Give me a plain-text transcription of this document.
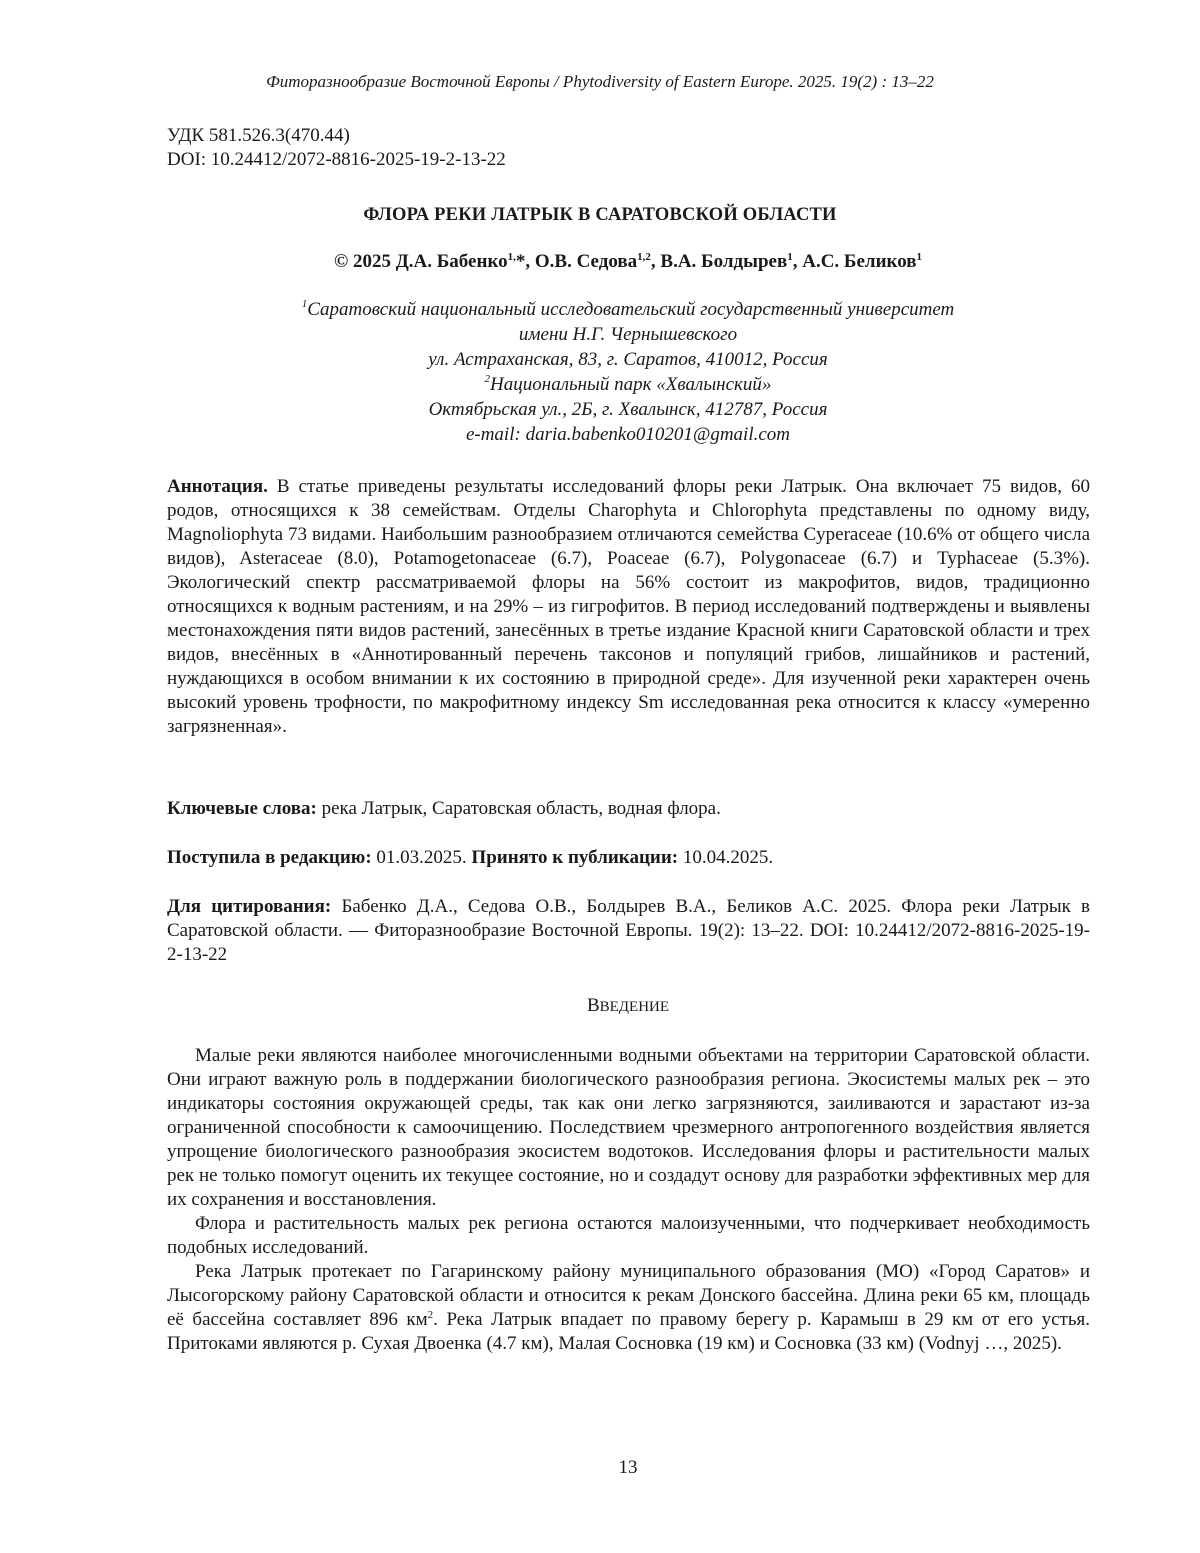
Фиторазнообразие Восточной Европы / Phytodiversity of Eastern Europe. 2025. 19(2) : 13–22
УДК 581.526.3(470.44)
DOI: 10.24412/2072-8816-2025-19-2-13-22
ФЛОРА РЕКИ ЛАТРЫК В САРАТОВСКОЙ ОБЛАСТИ
© 2025 Д.А. Бабенко1,*, О.В. Седова1,2, В.А. Болдырев1, А.С. Беликов1
1Саратовский национальный исследовательский государственный университет
имени Н.Г. Чернышевского
ул. Астраханская, 83, г. Саратов, 410012, Россия
2Национальный парк «Хвалынский»
Октябрьская ул., 2Б, г. Хвалынск, 412787, Россия
e-mail: daria.babenko010201@gmail.com

Аннотация. В статье приведены результаты исследований флоры реки Латрык. Она включает 75 видов, 60 родов, относящихся к 38 семействам. Отделы Charophyta и Chlorophyta представлены по одному виду, Magnoliophyta 73 видами. Наибольшим разнообразием отличаются семейства Cyperaceae (10.6% от общего числа видов), Asteraceae (8.0), Potamogetonaceae (6.7), Poaceae (6.7), Polygonaceae (6.7) и Typhaceae (5.3%). Экологический спектр рассматриваемой флоры на 56% состоит из макрофитов, видов, традиционно относящихся к водным растениям, и на 29% – из гигрофитов. В период исследований подтверждены и выявлены местонахождения пяти видов растений, занесённых в третье издание Красной книги Саратовской области и трех видов, внесённых в «Аннотированный перечень таксонов и популяций грибов, лишайников и растений, нуждающихся в особом внимании к их состоянию в природной среде». Для изученной реки характерен очень высокий уровень трофности, по макрофитному индексу Sm исследованная река относится к классу «умеренно загрязненная».

Ключевые слова: река Латрык, Саратовская область, водная флора.

Поступила в редакцию: 01.03.2025. Принято к публикации: 10.04.2025.

Для цитирования: Бабенко Д.А., Седова О.В., Болдырев В.А., Беликов А.С. 2025. Флора реки Латрык в Саратовской области. — Фиторазнообразие Восточной Европы. 19(2): 13–22. DOI: 10.24412/2072-8816-2025-19-2-13-22

ВВЕДЕНИЕ

Малые реки являются наиболее многочисленными водными объектами на территории Саратовской области. Они играют важную роль в поддержании биологического разнообразия региона. Экосистемы малых рек – это индикаторы состояния окружающей среды, так как они легко загрязняются, заиливаются и зарастают из-за ограниченной способности к самоочищению. Последствием чрезмерного антропогенного воздействия является упрощение биологического разнообразия экосистем водотоков. Исследования флоры и растительности малых рек не только помогут оценить их текущее состояние, но и создадут основу для разработки эффективных мер для их сохранения и восстановления.

Флора и растительность малых рек региона остаются малоизученными, что подчеркивает необходимость подобных исследований.

Река Латрык протекает по Гагаринскому району муниципального образования (МО) «Город Саратов» и Лысогорскому району Саратовской области и относится к рекам Донского бассейна. Длина реки 65 км, площадь её бассейна составляет 896 км2. Река Латрык впадает по правому берегу р. Карамыш в 29 км от его устья. Притоками являются р. Сухая Двоенка (4.7 км), Малая Сосновка (19 км) и Сосновка (33 км) (Vodnyj …, 2025).

13
